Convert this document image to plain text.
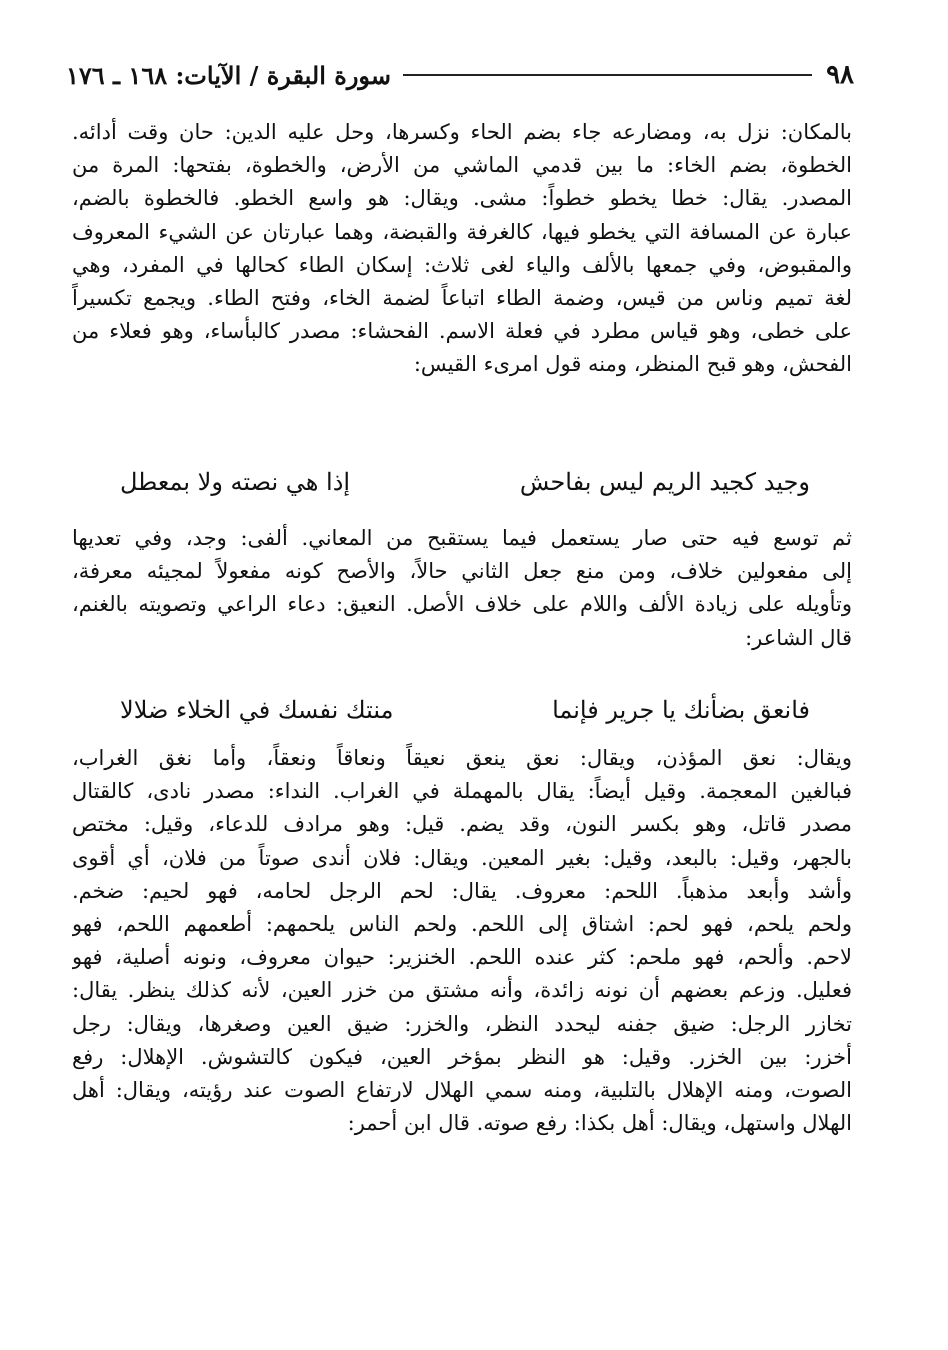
٩٨
سورة البقرة / الآيات: ١٦٨ ـ ١٧٦
بالمكان: نزل به، ومضارعه جاء بضم الحاء وكسرها، وحل عليه الدين: حان وقت أدائه.
الخطوة، بضم الخاء: ما بين قدمي الماشي من الأرض، والخطوة، بفتحها: المرة من
المصدر. يقال: خطا يخطو خطواً: مشى. ويقال: هو واسع الخطو. فالخطوة بالضم،
عبارة عن المسافة التي يخطو فيها، كالغرفة والقبضة، وهما عبارتان عن الشيء المعروف
والمقبوض، وفي جمعها بالألف والياء لغى ثلاث: إسكان الطاء كحالها في المفرد، وهي
لغة تميم وناس من قيس، وضمة الطاء اتباعاً لضمة الخاء، وفتح الطاء. ويجمع تكسيراً
على خطى، وهو قياس مطرد في فعلة الاسم. الفحشاء: مصدر كالبأساء، وهو فعلاء من
الفحش، وهو قبح المنظر، ومنه قول امرىء القيس:
وجيد كجيد الريم ليس بفاحش
إذا هي نصته ولا بمعطل
ثم توسع فيه حتى صار يستعمل فيما يستقبح من المعاني. ألفى: وجد، وفي تعديها
إلى مفعولين خلاف، ومن منع جعل الثاني حالاً، والأصح كونه مفعولاً لمجيئه معرفة،
وتأويله على زيادة الألف واللام على خلاف الأصل. النعيق: دعاء الراعي وتصويته بالغنم،
قال الشاعر:
فانعق بضأنك يا جرير فإنما
منتك نفسك في الخلاء ضلالا
ويقال: نعق المؤذن، ويقال: نعق ينعق نعيقاً ونعاقاً ونعقاً، وأما نغق الغراب،
فبالغين المعجمة. وقيل أيضاً: يقال بالمهملة في الغراب. النداء: مصدر نادى، كالقتال
مصدر قاتل، وهو بكسر النون، وقد يضم. قيل: وهو مرادف للدعاء، وقيل: مختص
بالجهر، وقيل: بالبعد، وقيل: بغير المعين. ويقال: فلان أندى صوتاً من فلان، أي أقوى
وأشد وأبعد مذهباً. اللحم: معروف. يقال: لحم الرجل لحامه، فهو لحيم: ضخم.
ولحم يلحم، فهو لحم: اشتاق إلى اللحم. ولحم الناس يلحمهم: أطعمهم اللحم، فهو
لاحم. وألحم، فهو ملحم: كثر عنده اللحم. الخنزير: حيوان معروف، ونونه أصلية، فهو
فعليل. وزعم بعضهم أن نونه زائدة، وأنه مشتق من خزر العين، لأنه كذلك ينظر. يقال:
تخازر الرجل: ضيق جفنه ليحدد النظر، والخزر: ضيق العين وصغرها، ويقال: رجل
أخزر: بين الخزر. وقيل: هو النظر بمؤخر العين، فيكون كالتشوش. الإهلال: رفع
الصوت، ومنه الإهلال بالتلبية، ومنه سمي الهلال لارتفاع الصوت عند رؤيته، ويقال: أهل
الهلال واستهل، ويقال: أهل بكذا: رفع صوته. قال ابن أحمر:
